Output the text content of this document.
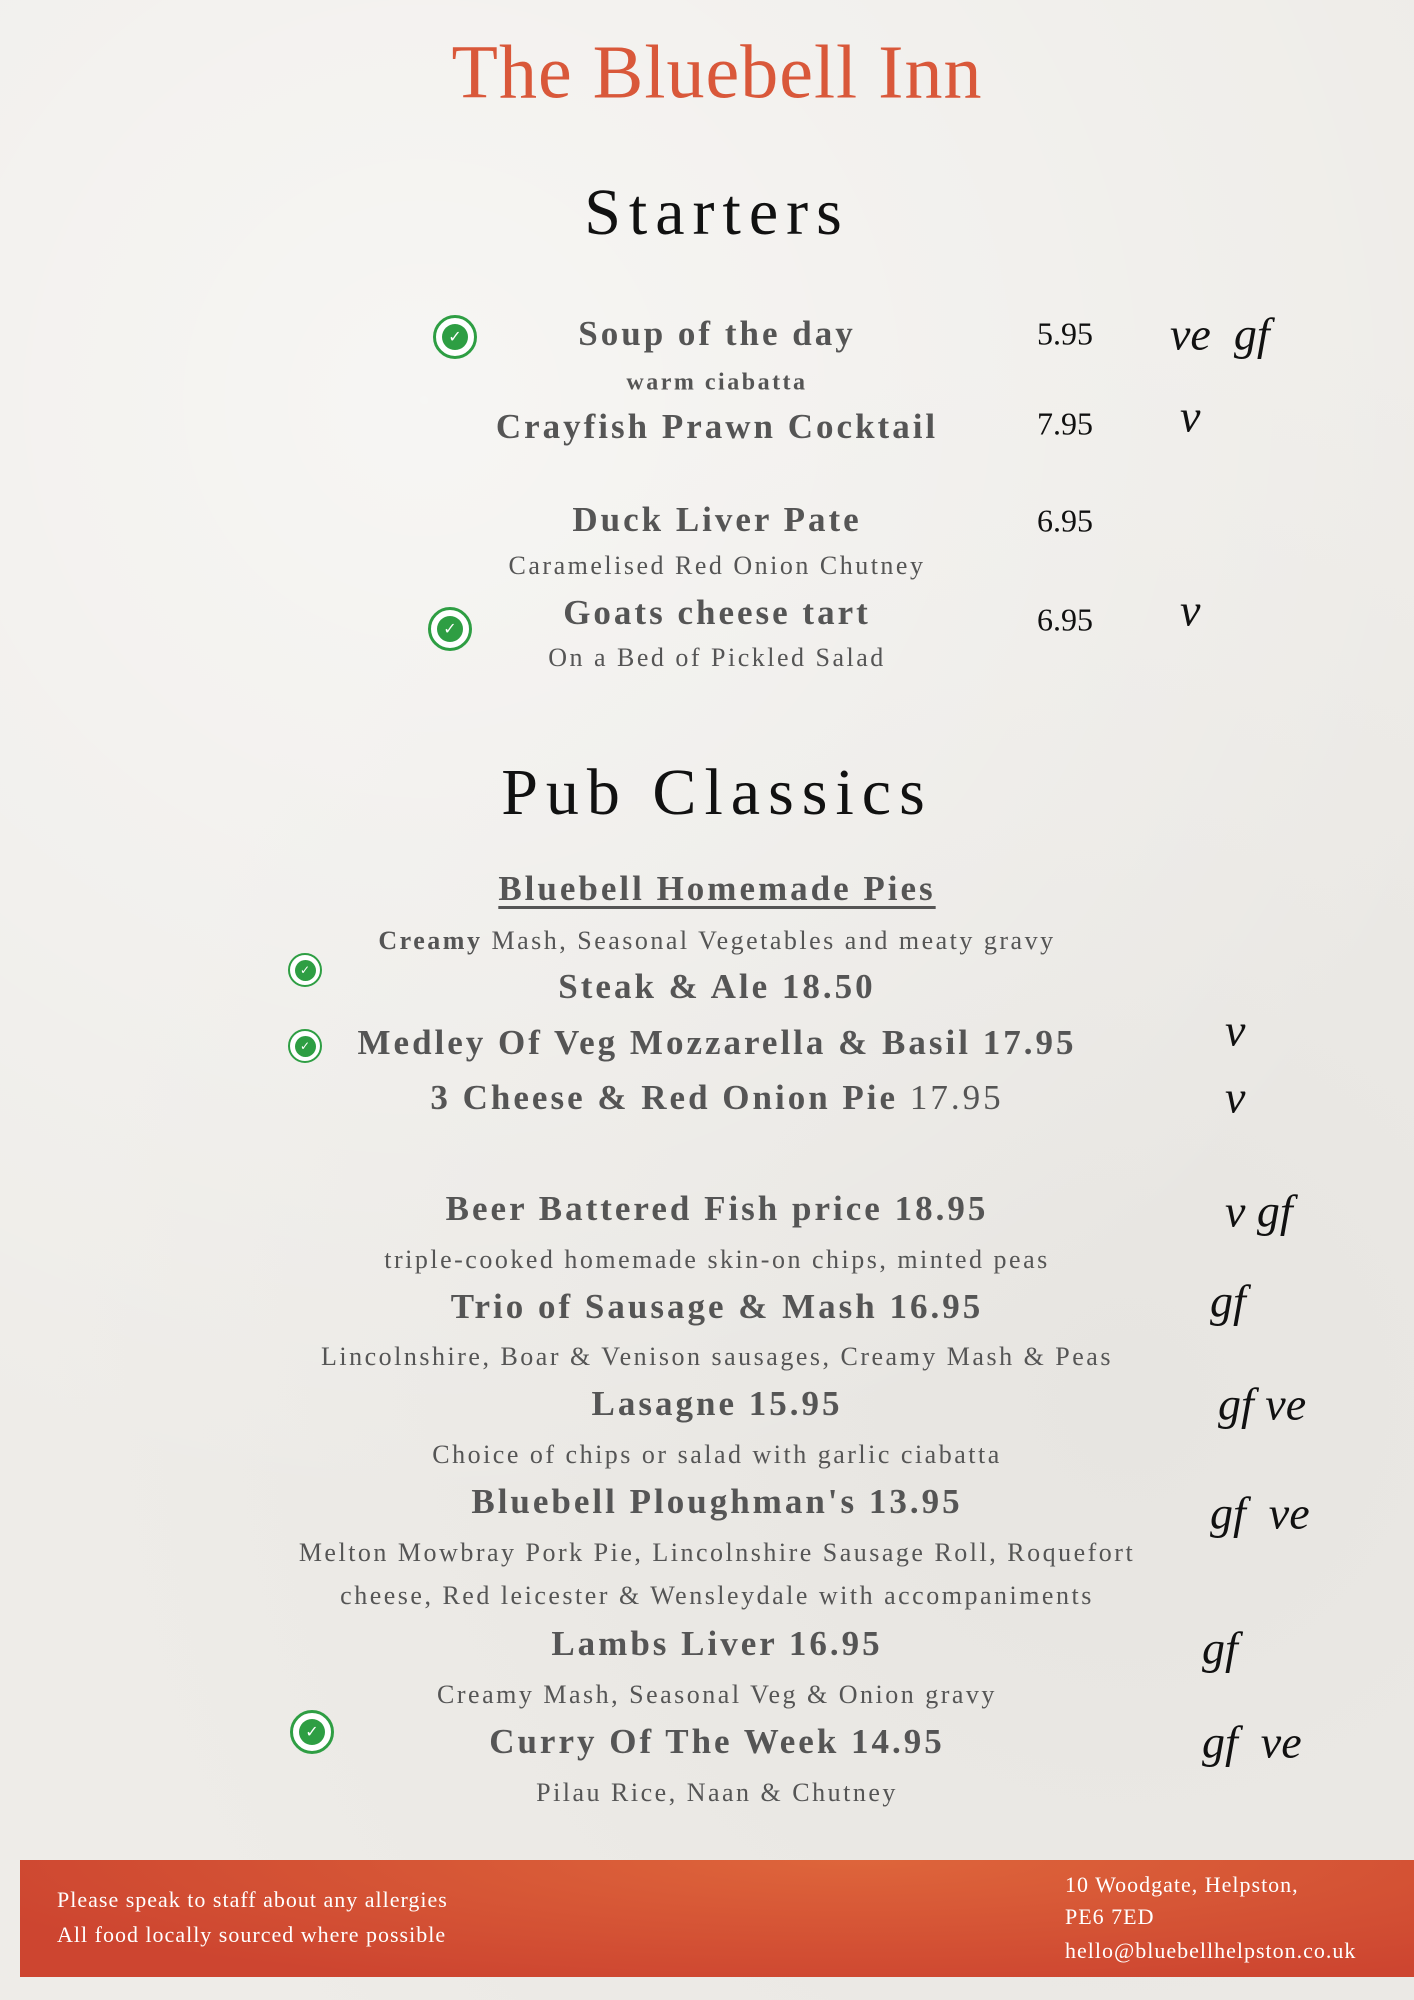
The Bluebell Inn
Starters
✓	Soup of the day	5.95	ve  gf
warm ciabatta
Crayfish Prawn Cocktail	7.95	v
Duck Liver Pate	6.95
Caramelised Red Onion Chutney
✓	Goats cheese tart	6.95	v
On a Bed of Pickled Salad
Pub Classics
Bluebell Homemade Pies
Creamy Mash, Seasonal Vegetables and meaty gravy
✓	Steak & Ale 18.50
✓	Medley Of Veg Mozzarella & Basil 17.95	v
3 Cheese & Red Onion Pie 17.95	v
Beer Battered Fish price 18.95	v gf
triple-cooked homemade skin-on chips, minted peas
Trio of Sausage & Mash 16.95	gf
Lincolnshire, Boar & Venison sausages, Creamy Mash & Peas
Lasagne 15.95	gf ve
Choice of chips or salad with garlic ciabatta
Bluebell Ploughman's 13.95	gf  ve
Melton Mowbray Pork Pie, Lincolnshire Sausage Roll, Roquefort
cheese, Red leicester & Wensleydale with accompaniments
Lambs Liver 16.95	gf
Creamy Mash, Seasonal Veg & Onion gravy
✓	Curry Of The Week 14.95	gf  ve
Pilau Rice, Naan & Chutney
Please speak to staff about any allergies
All food locally sourced where possible
10 Woodgate, Helpston,
PE6 7ED
hello@bluebellhelpston.co.uk
